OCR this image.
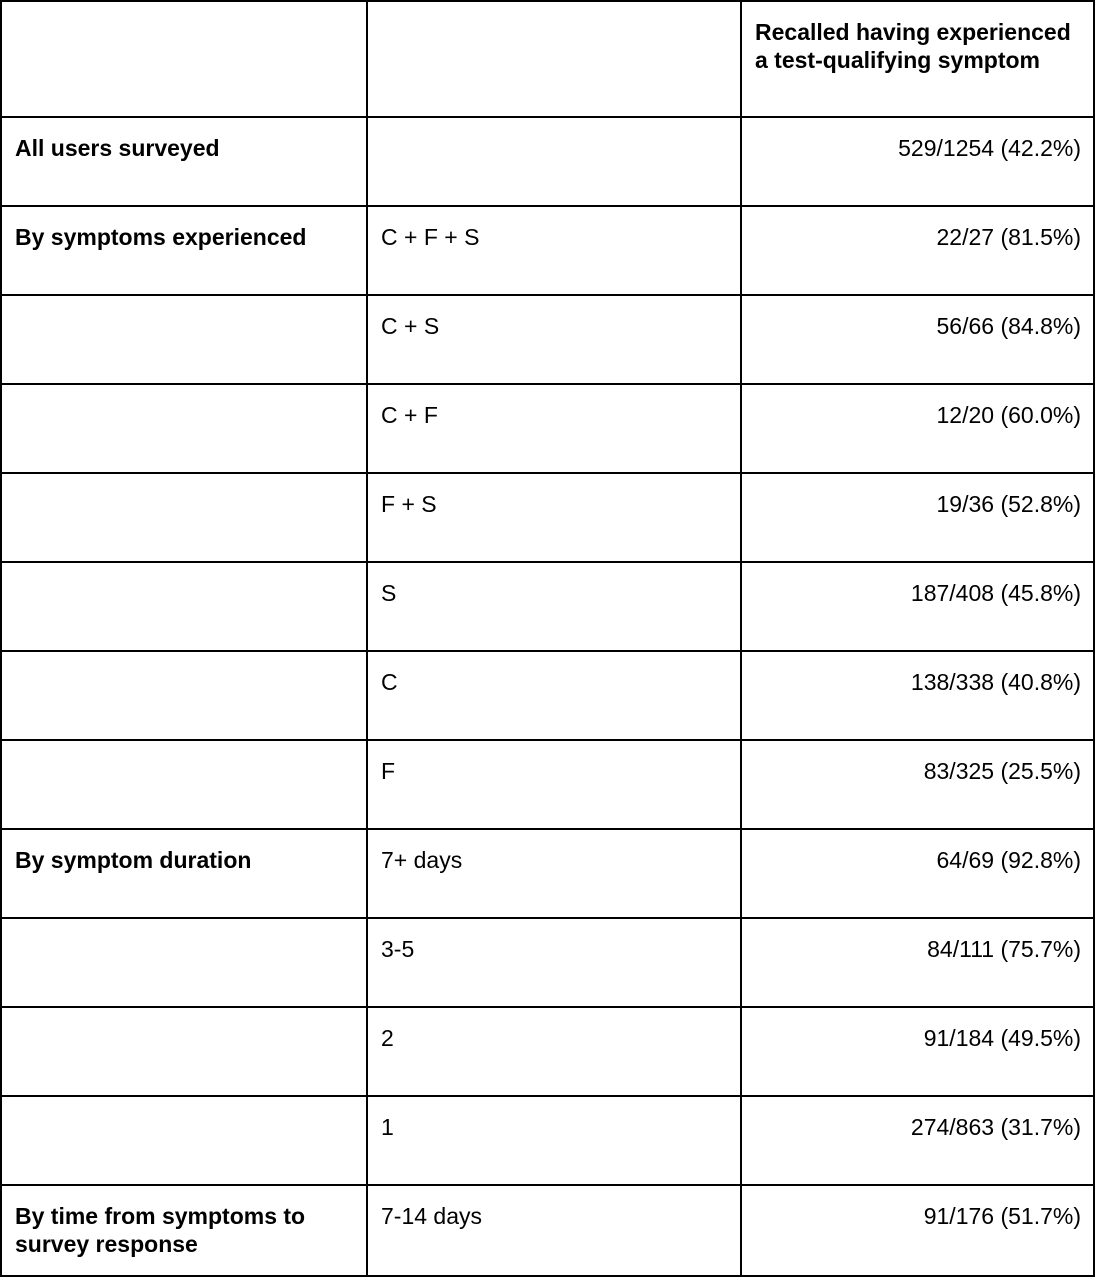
		Recalled having experienced a test-qualifying symptom
All users surveyed		529/1254 (42.2%)
By symptoms experienced	C + F + S	22/27 (81.5%)
	C + S	56/66 (84.8%)
	C + F	12/20 (60.0%)
	F + S	19/36 (52.8%)
	S	187/408 (45.8%)
	C	138/338 (40.8%)
	F	83/325 (25.5%)
By symptom duration	7+ days	64/69 (92.8%)
	3-5	84/111 (75.7%)
	2	91/184 (49.5%)
	1	274/863 (31.7%)
By time from symptoms to survey response	7-14 days	91/176 (51.7%)
